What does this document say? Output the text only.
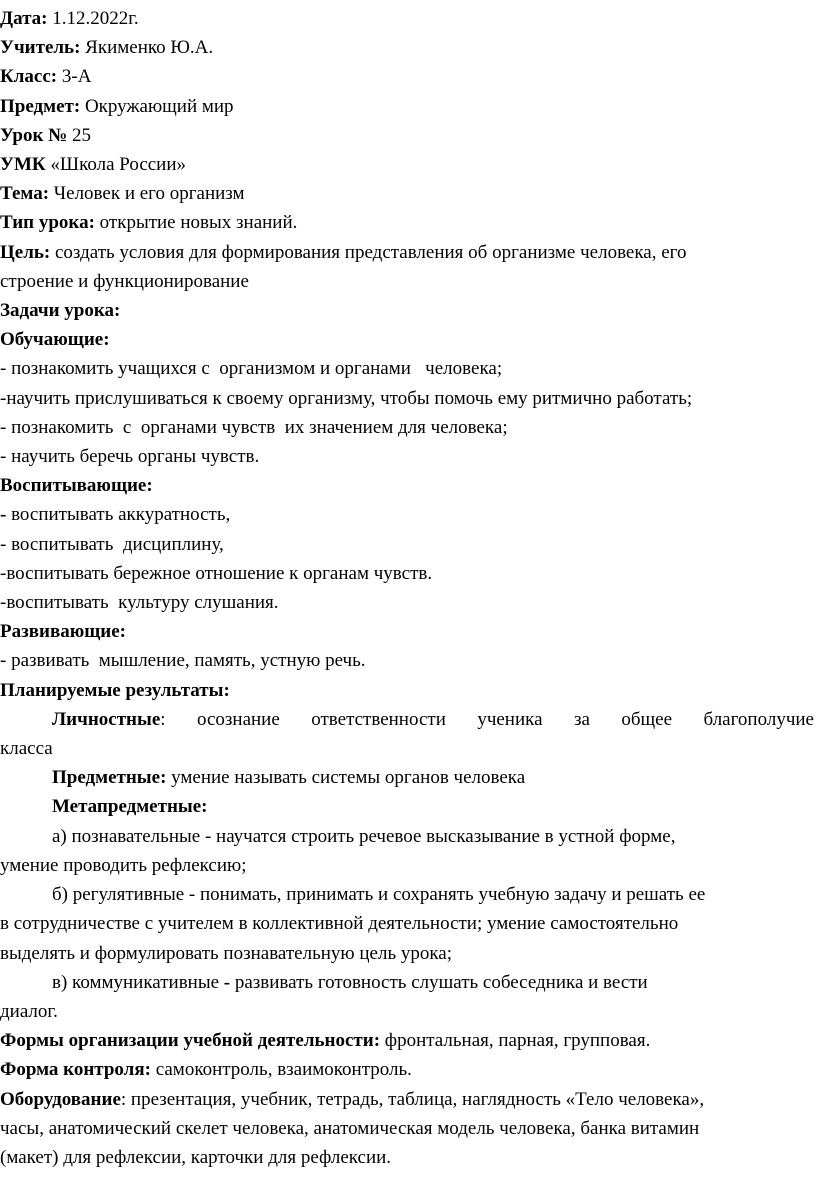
Дата: 1.12.2022г.
Учитель: Якименко Ю.А.
Класс: 3-А
Предмет: Окружающий мир
Урок № 25
УМК «Школа России»
Тема: Человек и его организм
Тип урока: открытие новых знаний.
Цель: создать условия для формирования представления об организме человека, его
строение и функционирование
Задачи урока:
Обучающие:
- познакомить учащихся с  организмом и органами   человека;
-научить прислушиваться к своему организму, чтобы помочь ему ритмично работать;
- познакомить  с  органами чувств  их значением для человека;
- научить беречь органы чувств.
Воспитывающие:
- воспитывать аккуратность,
- воспитывать  дисциплину,
-воспитывать бережное отношение к органам чувств.
-воспитывать  культуру слушания.
Развивающие:
- развивать  мышление, память, устную речь.
Планируемые результаты:
Личностные: осознание ответственности ученика за общее благополучие
класса
Предметные: умение называть системы органов человека
Метапредметные:
а) познавательные - научатся строить речевое высказывание в устной форме,
умение проводить рефлексию;
б) регулятивные - понимать, принимать и сохранять учебную задачу и решать ее
в сотрудничестве с учителем в коллективной деятельности; умение самостоятельно
выделять и формулировать познавательную цель урока;
в) коммуникативные - развивать готовность слушать собеседника и вести
диалог.
Формы организации учебной деятельности: фронтальная, парная, групповая.
Форма контроля: самоконтроль, взаимоконтроль.
Оборудование: презентация, учебник, тетрадь, таблица, наглядность «Тело человека»,
часы, анатомический скелет человека, анатомическая модель человека, банка витамин
(макет) для рефлексии, карточки для рефлексии.
